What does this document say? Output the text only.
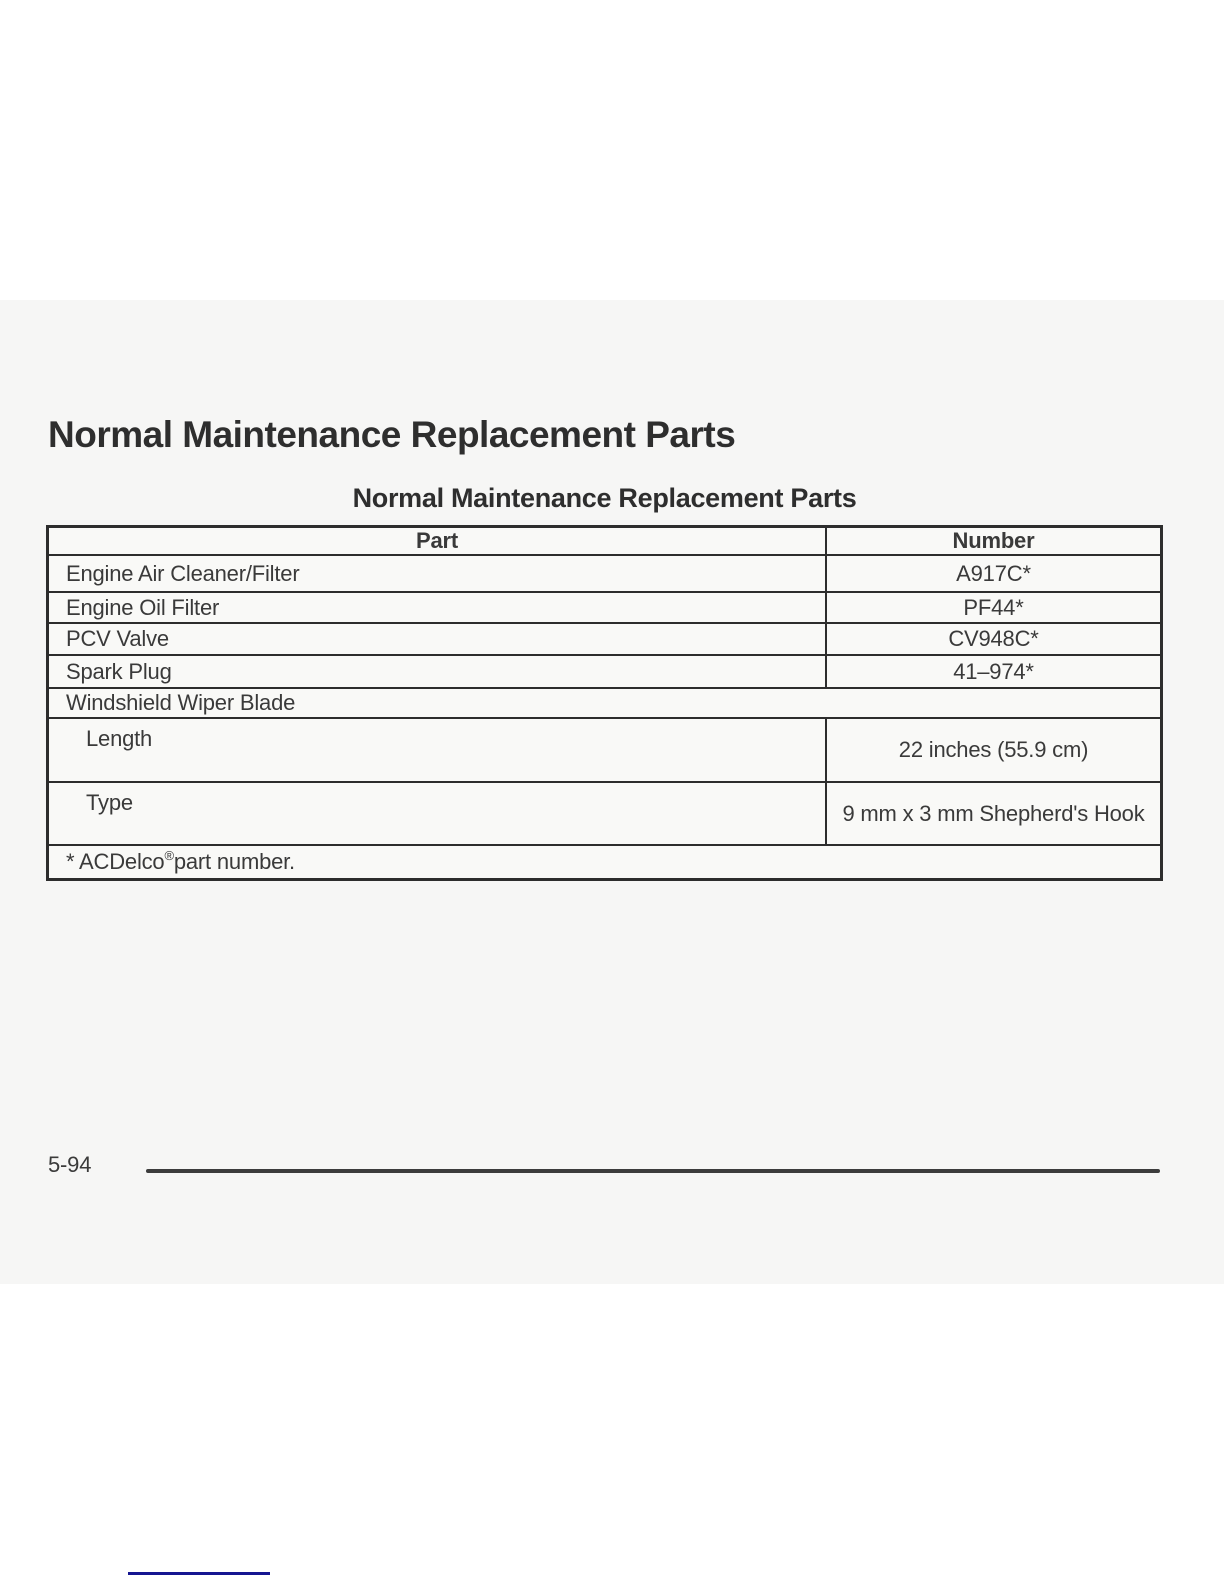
Normal Maintenance Replacement Parts
Normal Maintenance Replacement Parts
Part	Number
Engine Air Cleaner/Filter	A917C*
Engine Oil Filter	PF44*
PCV Valve	CV948C*
Spark Plug	41–974*
Windshield Wiper Blade
Length	22 inches (55.9 cm)
Type	9 mm x 3 mm Shepherd's Hook
* ACDelco® part number.
5-94
